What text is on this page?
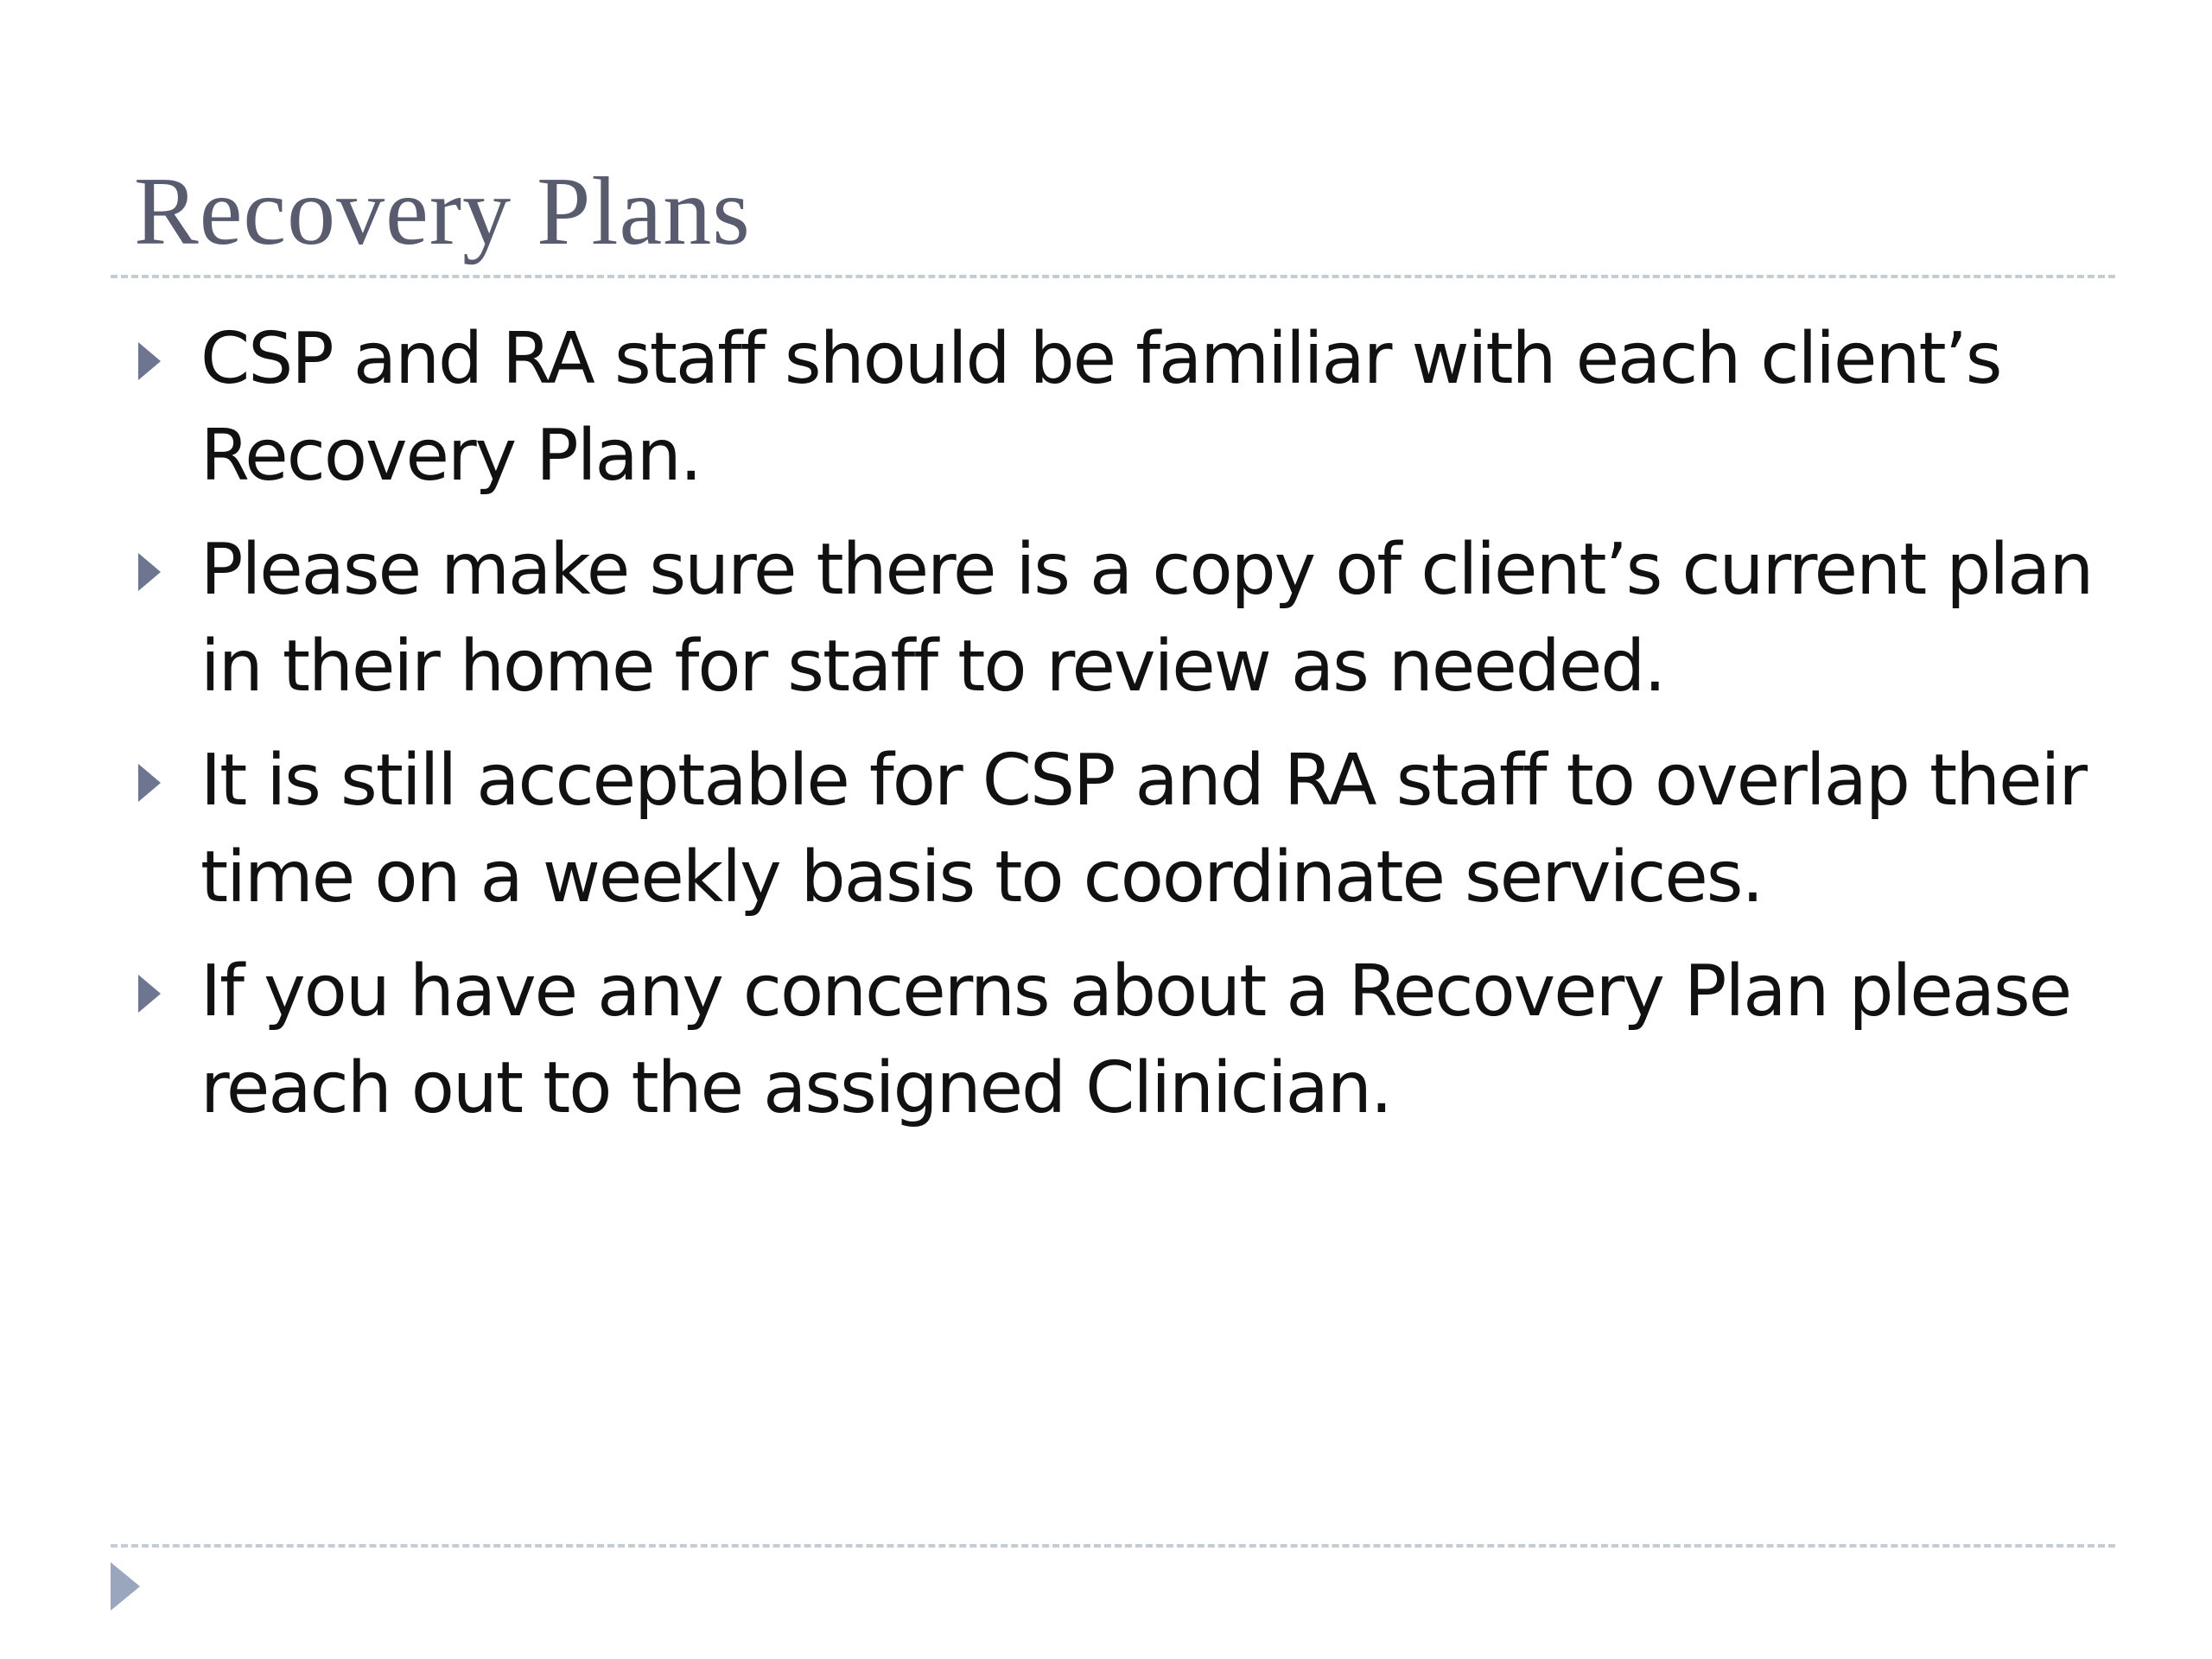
Recovery Plans
CSP and RA staff should be familiar with each client’s Recovery Plan.
Please make sure there is a copy of client’s current plan in their home for staff to review as needed.
It is still acceptable for CSP and RA staff to overlap their time on a weekly basis to coordinate services.
If you have any concerns about a Recovery Plan please reach out to the assigned Clinician.
